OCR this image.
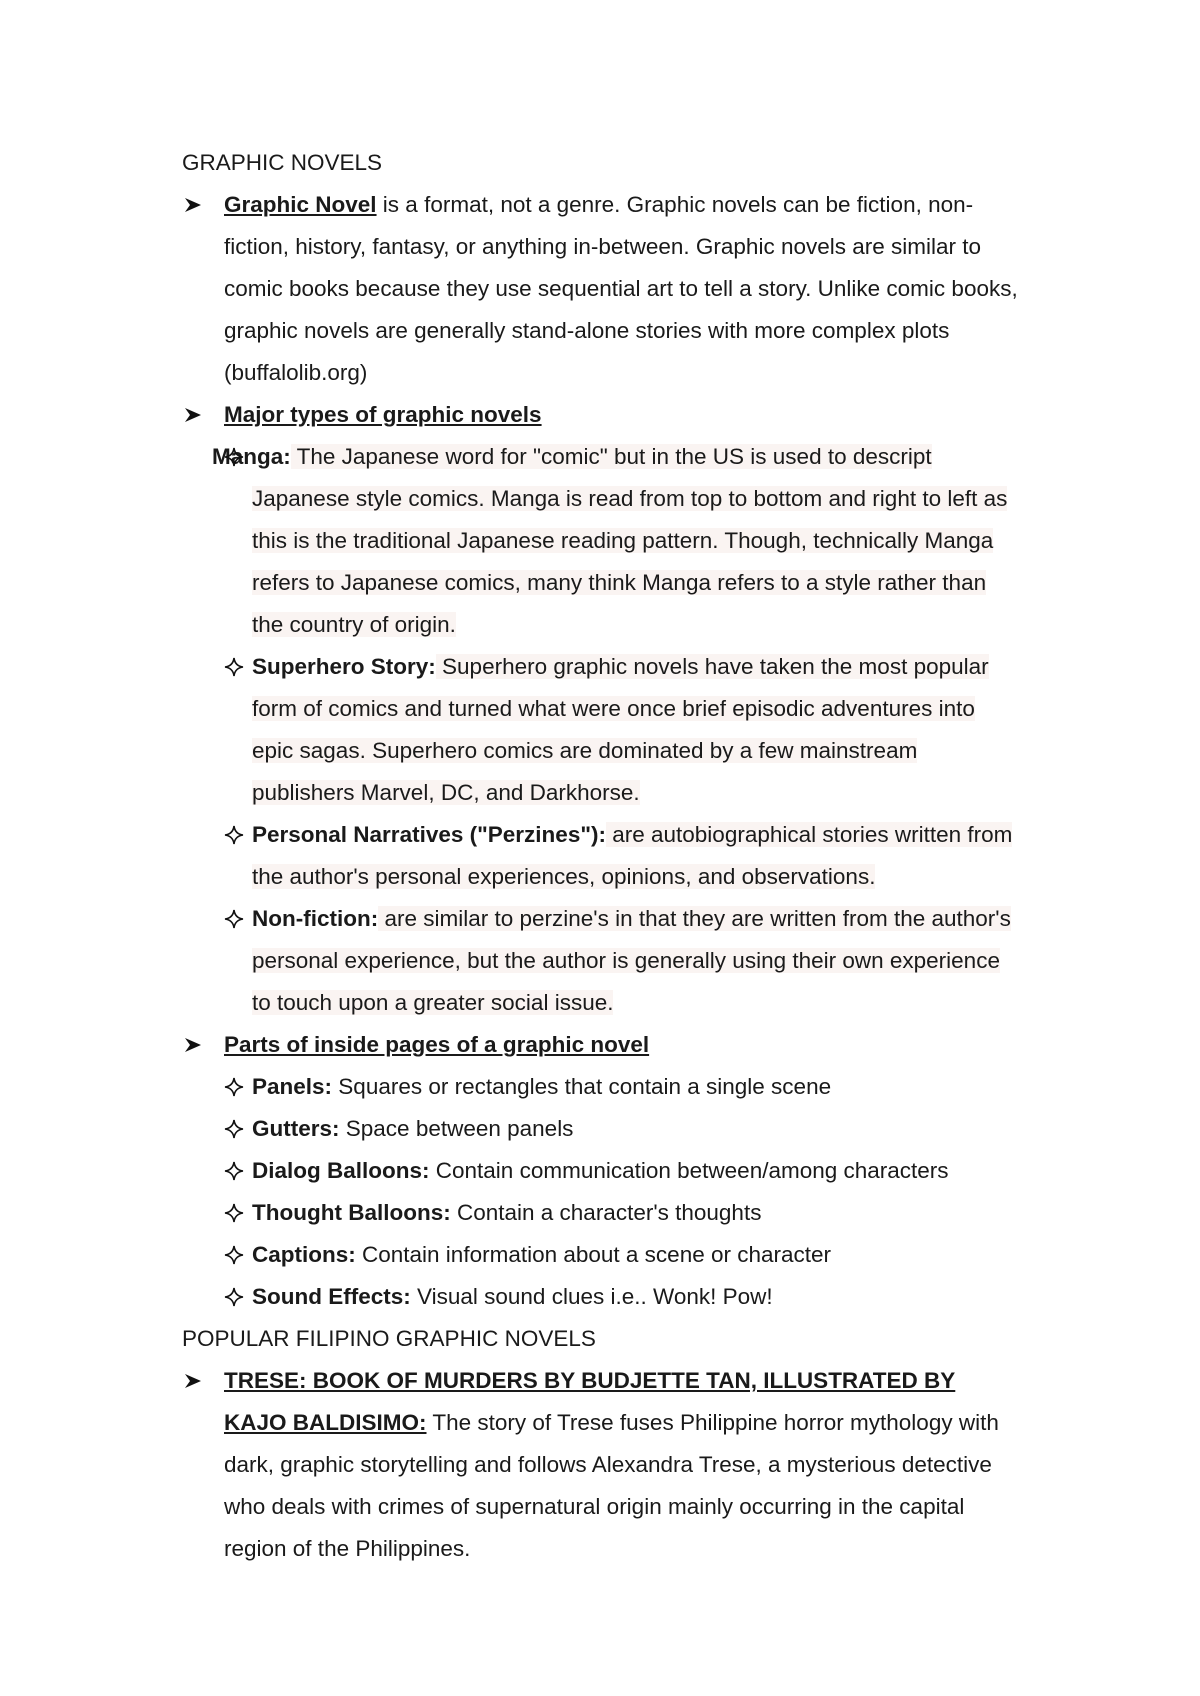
GRAPHIC NOVELS

Graphic Novel is a format, not a genre. Graphic novels can be fiction, non-fiction, history, fantasy, or anything in-between. Graphic novels are similar to comic books because they use sequential art to tell a story. Unlike comic books, graphic novels are generally stand-alone stories with more complex plots (buffalolib.org)
Major types of graphic novels
Manga: The Japanese word for "comic" but in the US is used to descript Japanese style comics. Manga is read from top to bottom and right to left as this is the traditional Japanese reading pattern. Though, technically Manga refers to Japanese comics, many think Manga refers to a style rather than the country of origin.
Superhero Story: Superhero graphic novels have taken the most popular form of comics and turned what were once brief episodic adventures into epic sagas. Superhero comics are dominated by a few mainstream publishers Marvel, DC, and Darkhorse.
Personal Narratives ("Perzines"): are autobiographical stories written from the author's personal experiences, opinions, and observations.
Non-fiction: are similar to perzine's in that they are written from the author's personal experience, but the author is generally using their own experience to touch upon a greater social issue.
Parts of inside pages of a graphic novel
Panels: Squares or rectangles that contain a single scene
Gutters: Space between panels
Dialog Balloons: Contain communication between/among characters
Thought Balloons: Contain a character's thoughts
Captions: Contain information about a scene or character
Sound Effects: Visual sound clues i.e.. Wonk! Pow!

POPULAR FILIPINO GRAPHIC NOVELS

TRESE: BOOK OF MURDERS BY BUDJETTE TAN, ILLUSTRATED BY KAJO BALDISIMO: The story of Trese fuses Philippine horror mythology with dark, graphic storytelling and follows Alexandra Trese, a mysterious detective who deals with crimes of supernatural origin mainly occurring in the capital region of the Philippines.
